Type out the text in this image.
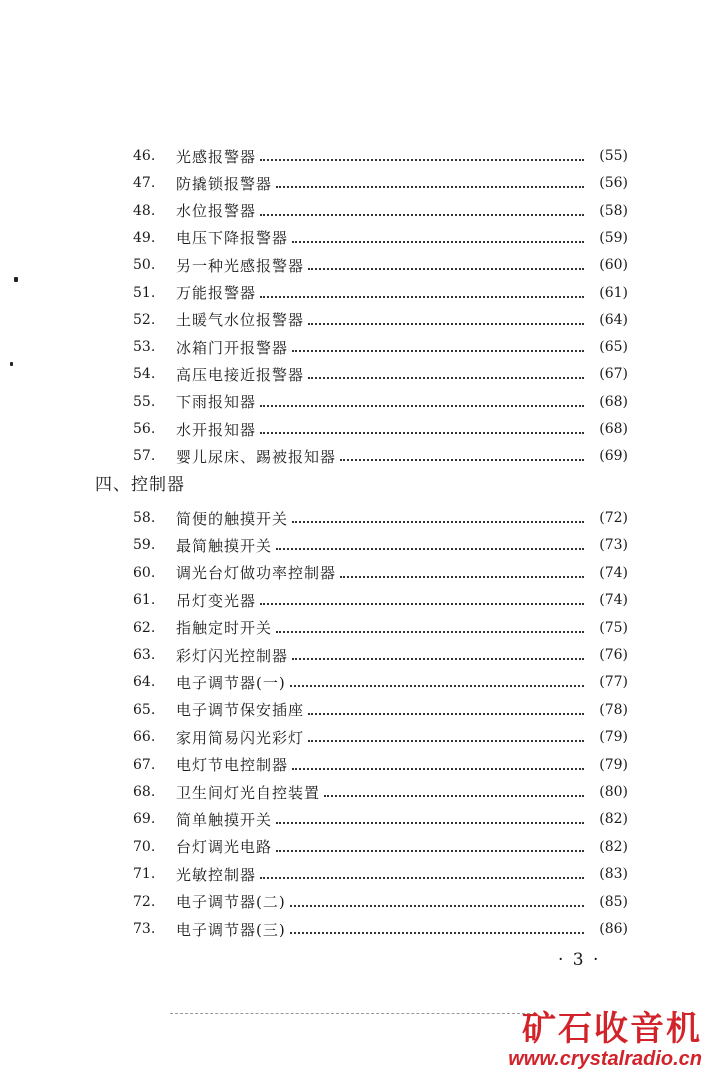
46.	光感报警器	(55)
47.	防撬锁报警器	(56)
48.	水位报警器	(58)
49.	电压下降报警器	(59)
50.	另一种光感报警器	(60)
51.	万能报警器	(61)
52.	土暖气水位报警器	(64)
53.	冰箱门开报警器	(65)
54.	高压电接近报警器	(67)
55.	下雨报知器	(68)
56.	水开报知器	(68)
57.	婴儿尿床、踢被报知器	(69)
四、控制器
58.	简便的触摸开关	(72)
59.	最简触摸开关	(73)
60.	调光台灯做功率控制器	(74)
61.	吊灯变光器	(74)
62.	指触定时开关	(75)
63.	彩灯闪光控制器	(76)
64.	电子调节器(一)	(77)
65.	电子调节保安插座	(78)
66.	家用简易闪光彩灯	(79)
67.	电灯节电控制器	(79)
68.	卫生间灯光自控装置	(80)
69.	简单触摸开关	(82)
70.	台灯调光电路	(82)
71.	光敏控制器	(83)
72.	电子调节器(二)	(85)
73.	电子调节器(三)	(86)
· 3 ·
矿石收音机
www.crystalradio.cn
